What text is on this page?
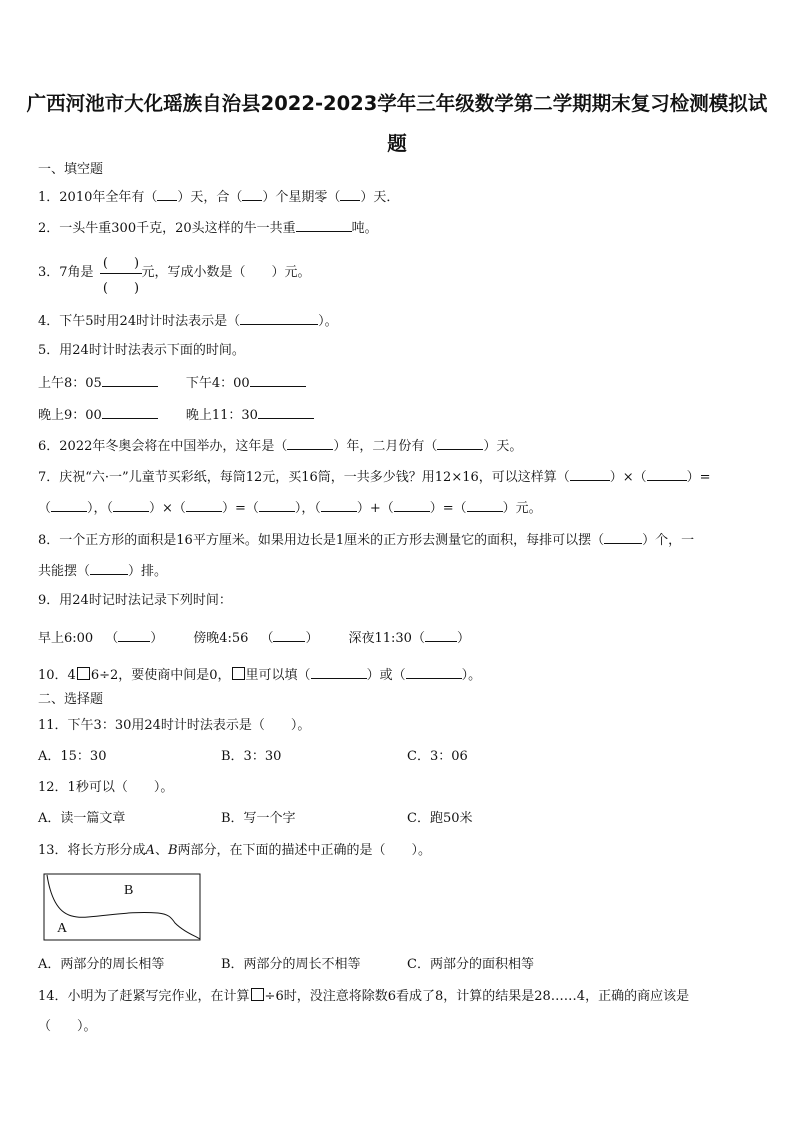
广西河池市大化瑶族自治县2022-2023学年三年级数学第二学期期末复习检测模拟试
题
一、填空题
1．2010年全年有（ ）天，合（ ）个星期零（ ）天．
2．一头牛重300千克，20头这样的牛一共重	吨。
3．7角是	元，写成小数是（　　）元。
(　　)
(　　)
4．下午5时用24时计时法表示是（	）。
5．用24时计时法表示下面的时间。
上午8：05	下午4：00
晚上9：00	晚上11：30
6．2022年冬奥会将在中国举办，这年是（	）年，二月份有（	）天。
7．庆祝“六·一”儿童节买彩纸，每筒12元，买16筒，一共多少钱？用12×16，可以这样算（	）×（	）=
（	），（	）×（	）=（	），（	）+（	）=（	）元。
8．一个正方形的面积是16平方厘米。如果用边长是1厘米的正方形去测量它的面积，每排可以摆（	）个，一
共能摆（	）排。
9．用24时记时法记录下列时间：
早上6:00 （ ） 傍晚4:56 （ ） 深夜11:30（ ）
10．4 6÷2，要使商中间是0， 里可以填（	）或（	）。
二、选择题
11．下午3：30用24时计时法表示是（　　）。
A．15：30	B．3：30	C．3：06
12．1秒可以（　　）。
A．读一篇文章	B．写一个字	C．跑50米
13．将长方形分成A、B两部分，在下面的描述中正确的是（　　）。
B
A
A．两部分的周长相等	B．两部分的周长不相等	C．两部分的面积相等
14．小明为了赶紧写完作业，在计算 ÷6时，没注意将除数6看成了8，计算的结果是28……4，正确的商应该是
（　　）。
